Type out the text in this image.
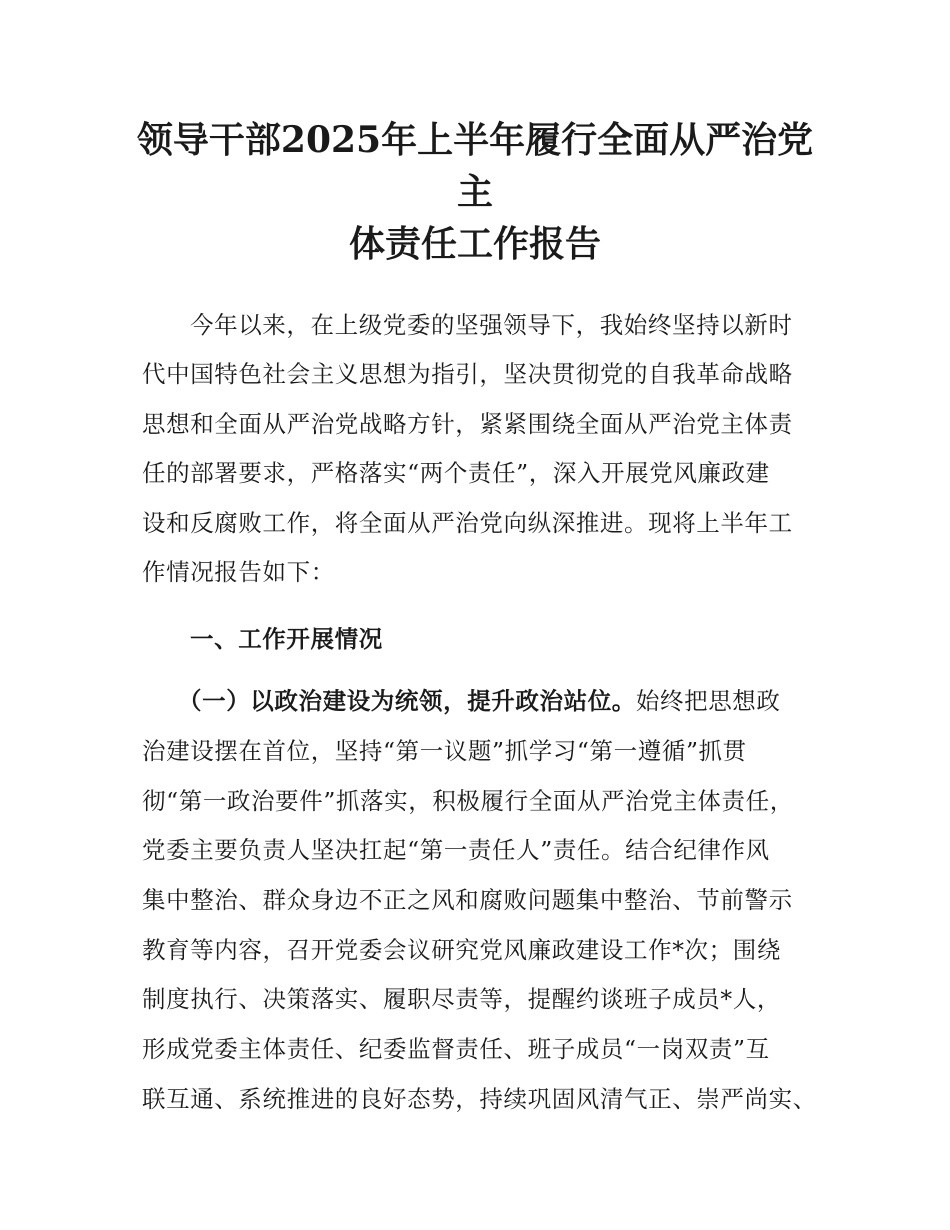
领导干部2025年上半年履行全面从严治党主
体责任工作报告
今年以来，在上级党委的坚强领导下，我始终坚持以新时
代中国特色社会主义思想为指引，坚决贯彻党的自我革命战略
思想和全面从严治党战略方针，紧紧围绕全面从严治党主体责
任的部署要求，严格落实“两个责任”，深入开展党风廉政建
设和反腐败工作，将全面从严治党向纵深推进。现将上半年工
作情况报告如下：
一、工作开展情况
（一）以政治建设为统领，提升政治站位。始终把思想政
治建设摆在首位，坚持“第一议题”抓学习“第一遵循”抓贯
彻“第一政治要件”抓落实，积极履行全面从严治党主体责任，
党委主要负责人坚决扛起“第一责任人”责任。结合纪律作风
集中整治、群众身边不正之风和腐败问题集中整治、节前警示
教育等内容，召开党委会议研究党风廉政建设工作*次；围绕
制度执行、决策落实、履职尽责等，提醒约谈班子成员*人，
形成党委主体责任、纪委监督责任、班子成员“一岗双责”互
联互通、系统推进的良好态势，持续巩固风清气正、崇严尚实、
